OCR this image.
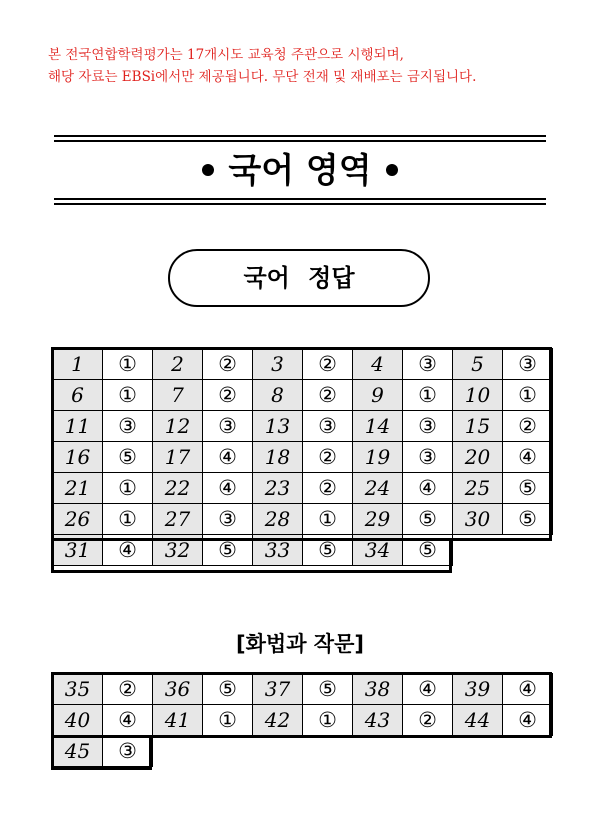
본 전국연합학력평가는 17개시도 교육청 주관으로 시행되며,
해당 자료는 EBSi에서만 제공됩니다. 무단 전재 및 재배포는 금지됩니다.
국어 영역
국어 정답
1	①	2	②	3	②	4	③	5	③
6	①	7	②	8	②	9	①	10	①
11	③	12	③	13	③	14	③	15	②
16	⑤	17	④	18	②	19	③	20	④
21	①	22	④	23	②	24	④	25	⑤
26	①	27	③	28	①	29	⑤	30	⑤
31	④	32	⑤	33	⑤	34	⑤		
[화법과 작문]
35	②	36	⑤	37	⑤	38	④	39	④
40	④	41	①	42	①	43	②	44	④
45	③								
